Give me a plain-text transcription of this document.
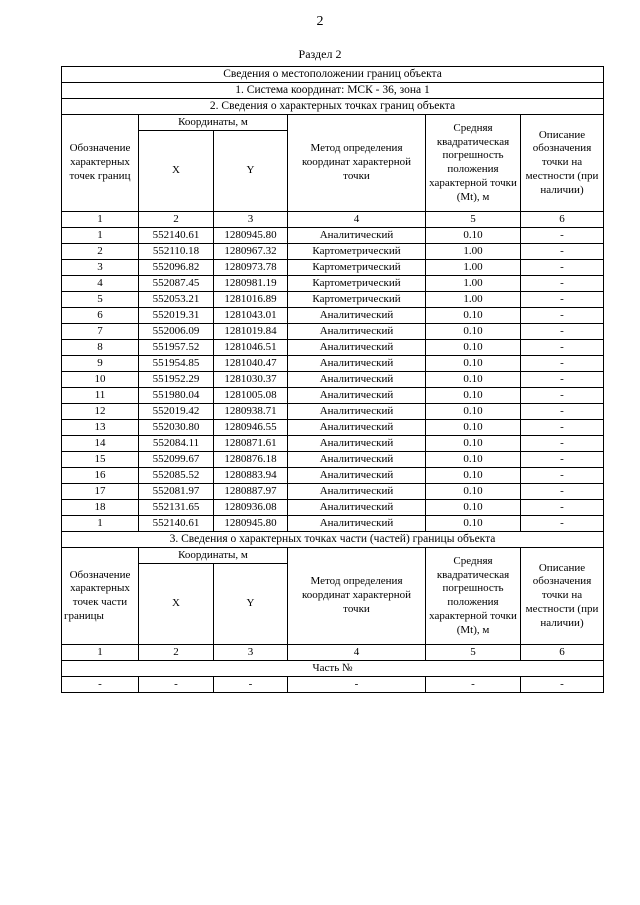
2
Раздел 2
Сведения о местоположении границ объекта					
1. Система координат: МСК - 36, зона 1					
2. Сведения о характерных точках границ объекта					
Обозначение характерных точек границ	Координаты, м		Метод определения координат характерной точки	Средняя квадратическая погрешность положения характерной точки (Mt), м	Описание обозначения точки на местности (при наличии)
	X	Y			
1	2	3	4	5	6
1	552140.61	1280945.80	Аналитический	0.10	-
2	552110.18	1280967.32	Картометрический	1.00	-
3	552096.82	1280973.78	Картометрический	1.00	-
4	552087.45	1280981.19	Картометрический	1.00	-
5	552053.21	1281016.89	Картометрический	1.00	-
6	552019.31	1281043.01	Аналитический	0.10	-
7	552006.09	1281019.84	Аналитический	0.10	-
8	551957.52	1281046.51	Аналитический	0.10	-
9	551954.85	1281040.47	Аналитический	0.10	-
10	551952.29	1281030.37	Аналитический	0.10	-
11	551980.04	1281005.08	Аналитический	0.10	-
12	552019.42	1280938.71	Аналитический	0.10	-
13	552030.80	1280946.55	Аналитический	0.10	-
14	552084.11	1280871.61	Аналитический	0.10	-
15	552099.67	1280876.18	Аналитический	0.10	-
16	552085.52	1280883.94	Аналитический	0.10	-
17	552081.97	1280887.97	Аналитический	0.10	-
18	552131.65	1280936.08	Аналитический	0.10	-
1	552140.61	1280945.80	Аналитический	0.10	-
3. Сведения о характерных точках части (частей) границы объекта					
Обозначение характерных точек части границы	Координаты, м		Метод определения координат характерной точки	Средняя квадратическая погрешность положения характерной точки (Mt), м	Описание обозначения точки на местности (при наличии)
	X	Y			
1	2	3	4	5	6
Часть №					
-	-	-	-	-	-
